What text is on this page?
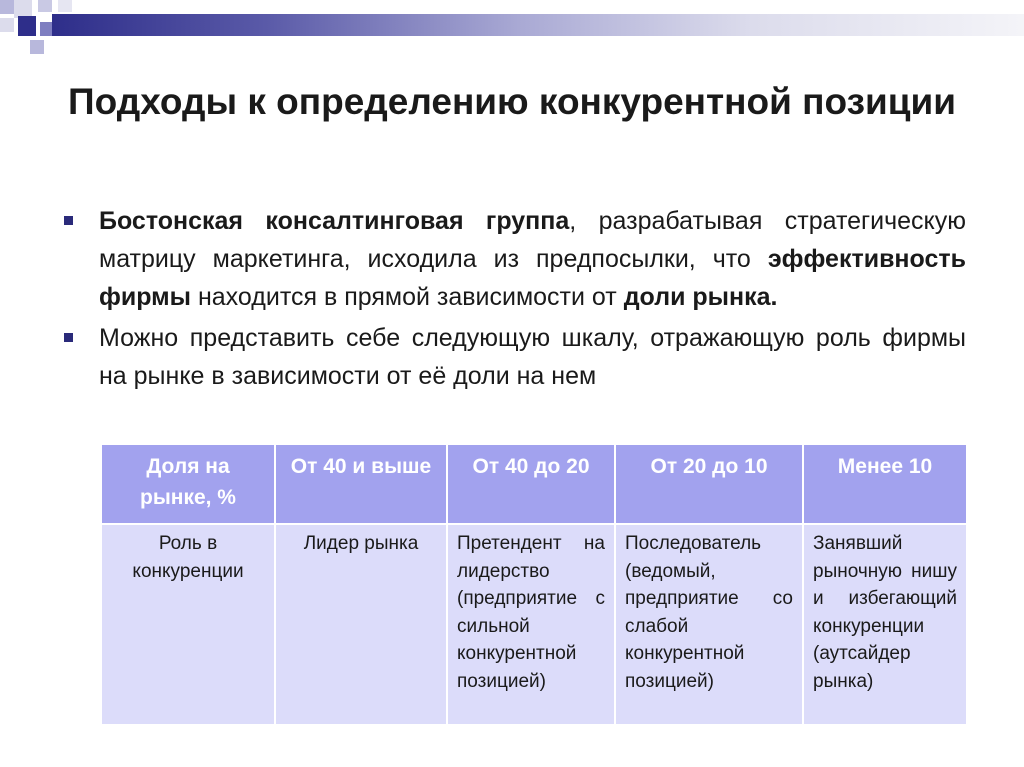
Подходы к определению конкурентной позиции
Бостонская консалтинговая группа, разрабатывая стратегическую матрицу маркетинга, исходила из предпосылки, что эффективность фирмы находится в прямой зависимости от доли рынка.
Можно представить себе следующую шкалу, отражающую роль фирмы на рынке в зависимости от её доли на нем
Доля на рынке, %	От 40 и выше	От 40 до 20	От 20 до 10	Менее 10
Роль в конкуренции	Лидер рынка	Претендент на лидерство (предприятие с сильной конкурентной позицией)	Последователь (ведомый, предприятие со слабой конкурентной позицией)	Занявший рыночную нишу и избегающий конкуренции (аутсайдер рынка)
